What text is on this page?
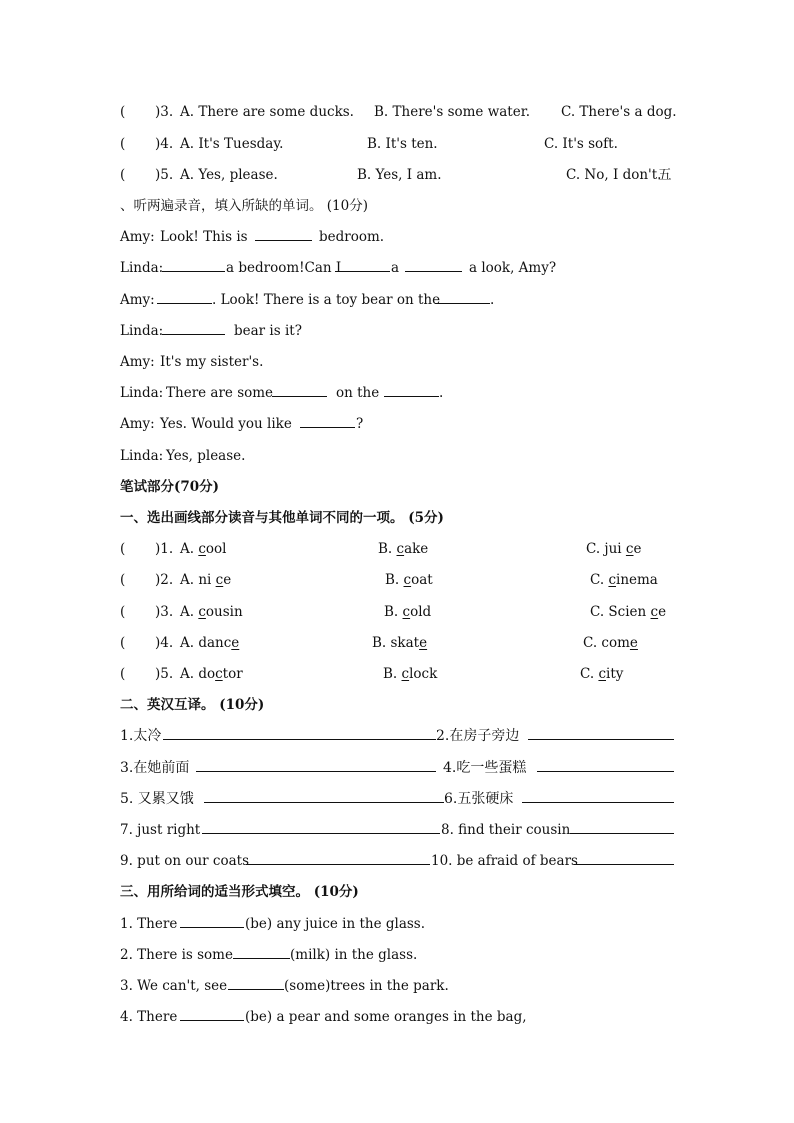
( )3. A. There are some ducks. B. There's some water. C. There's a dog.
( )4. A. It's Tuesday.	B. It's ten.	C. It's soft.
( )5. A. Yes, please.	B. Yes, I am.	C. No, I don't.
五
、听两遍录音，填入所缺的单词。 (10分)
Amy: Look! This is	bedroom.
Linda:	a bedroom!Can I	a	a look, Amy?
Amy:	. Look! There is a toy bear on the	.
Linda:	bear is it?
Amy: It's my sister's.
Linda: There are some	on the	.
Amy: Yes. Would you like	?
Linda: Yes, please.
笔试部分(70分)
一、选出画线部分读音与其他单词不同的一项。 (5分)
( )1. A. cool	B. cake	C. jui ce
( )2. A. ni ce	B. coat	C. cinema
( )3. A. cousin	B. cold	C. Scien ce
( )4. A. dance	B. skate	C. come
( )5. A. doctor	B. clock	C. city
二、英汉互译。 (10分)
1.太冷	2.在房子旁边
3.在她前面	4.吃一些蛋糕
5. 又累又饿	6.五张硬床
7. just right	8. find their cousin
9. put on our coats	10. be afraid of bears
三、用所给词的适当形式填空。 (10分)
1. There	(be) any juice in the glass.
2. There is some	(milk) in the glass.
3. We can't, see	(some)trees in the park.
4. There	(be) a pear and some oranges in the bag,
